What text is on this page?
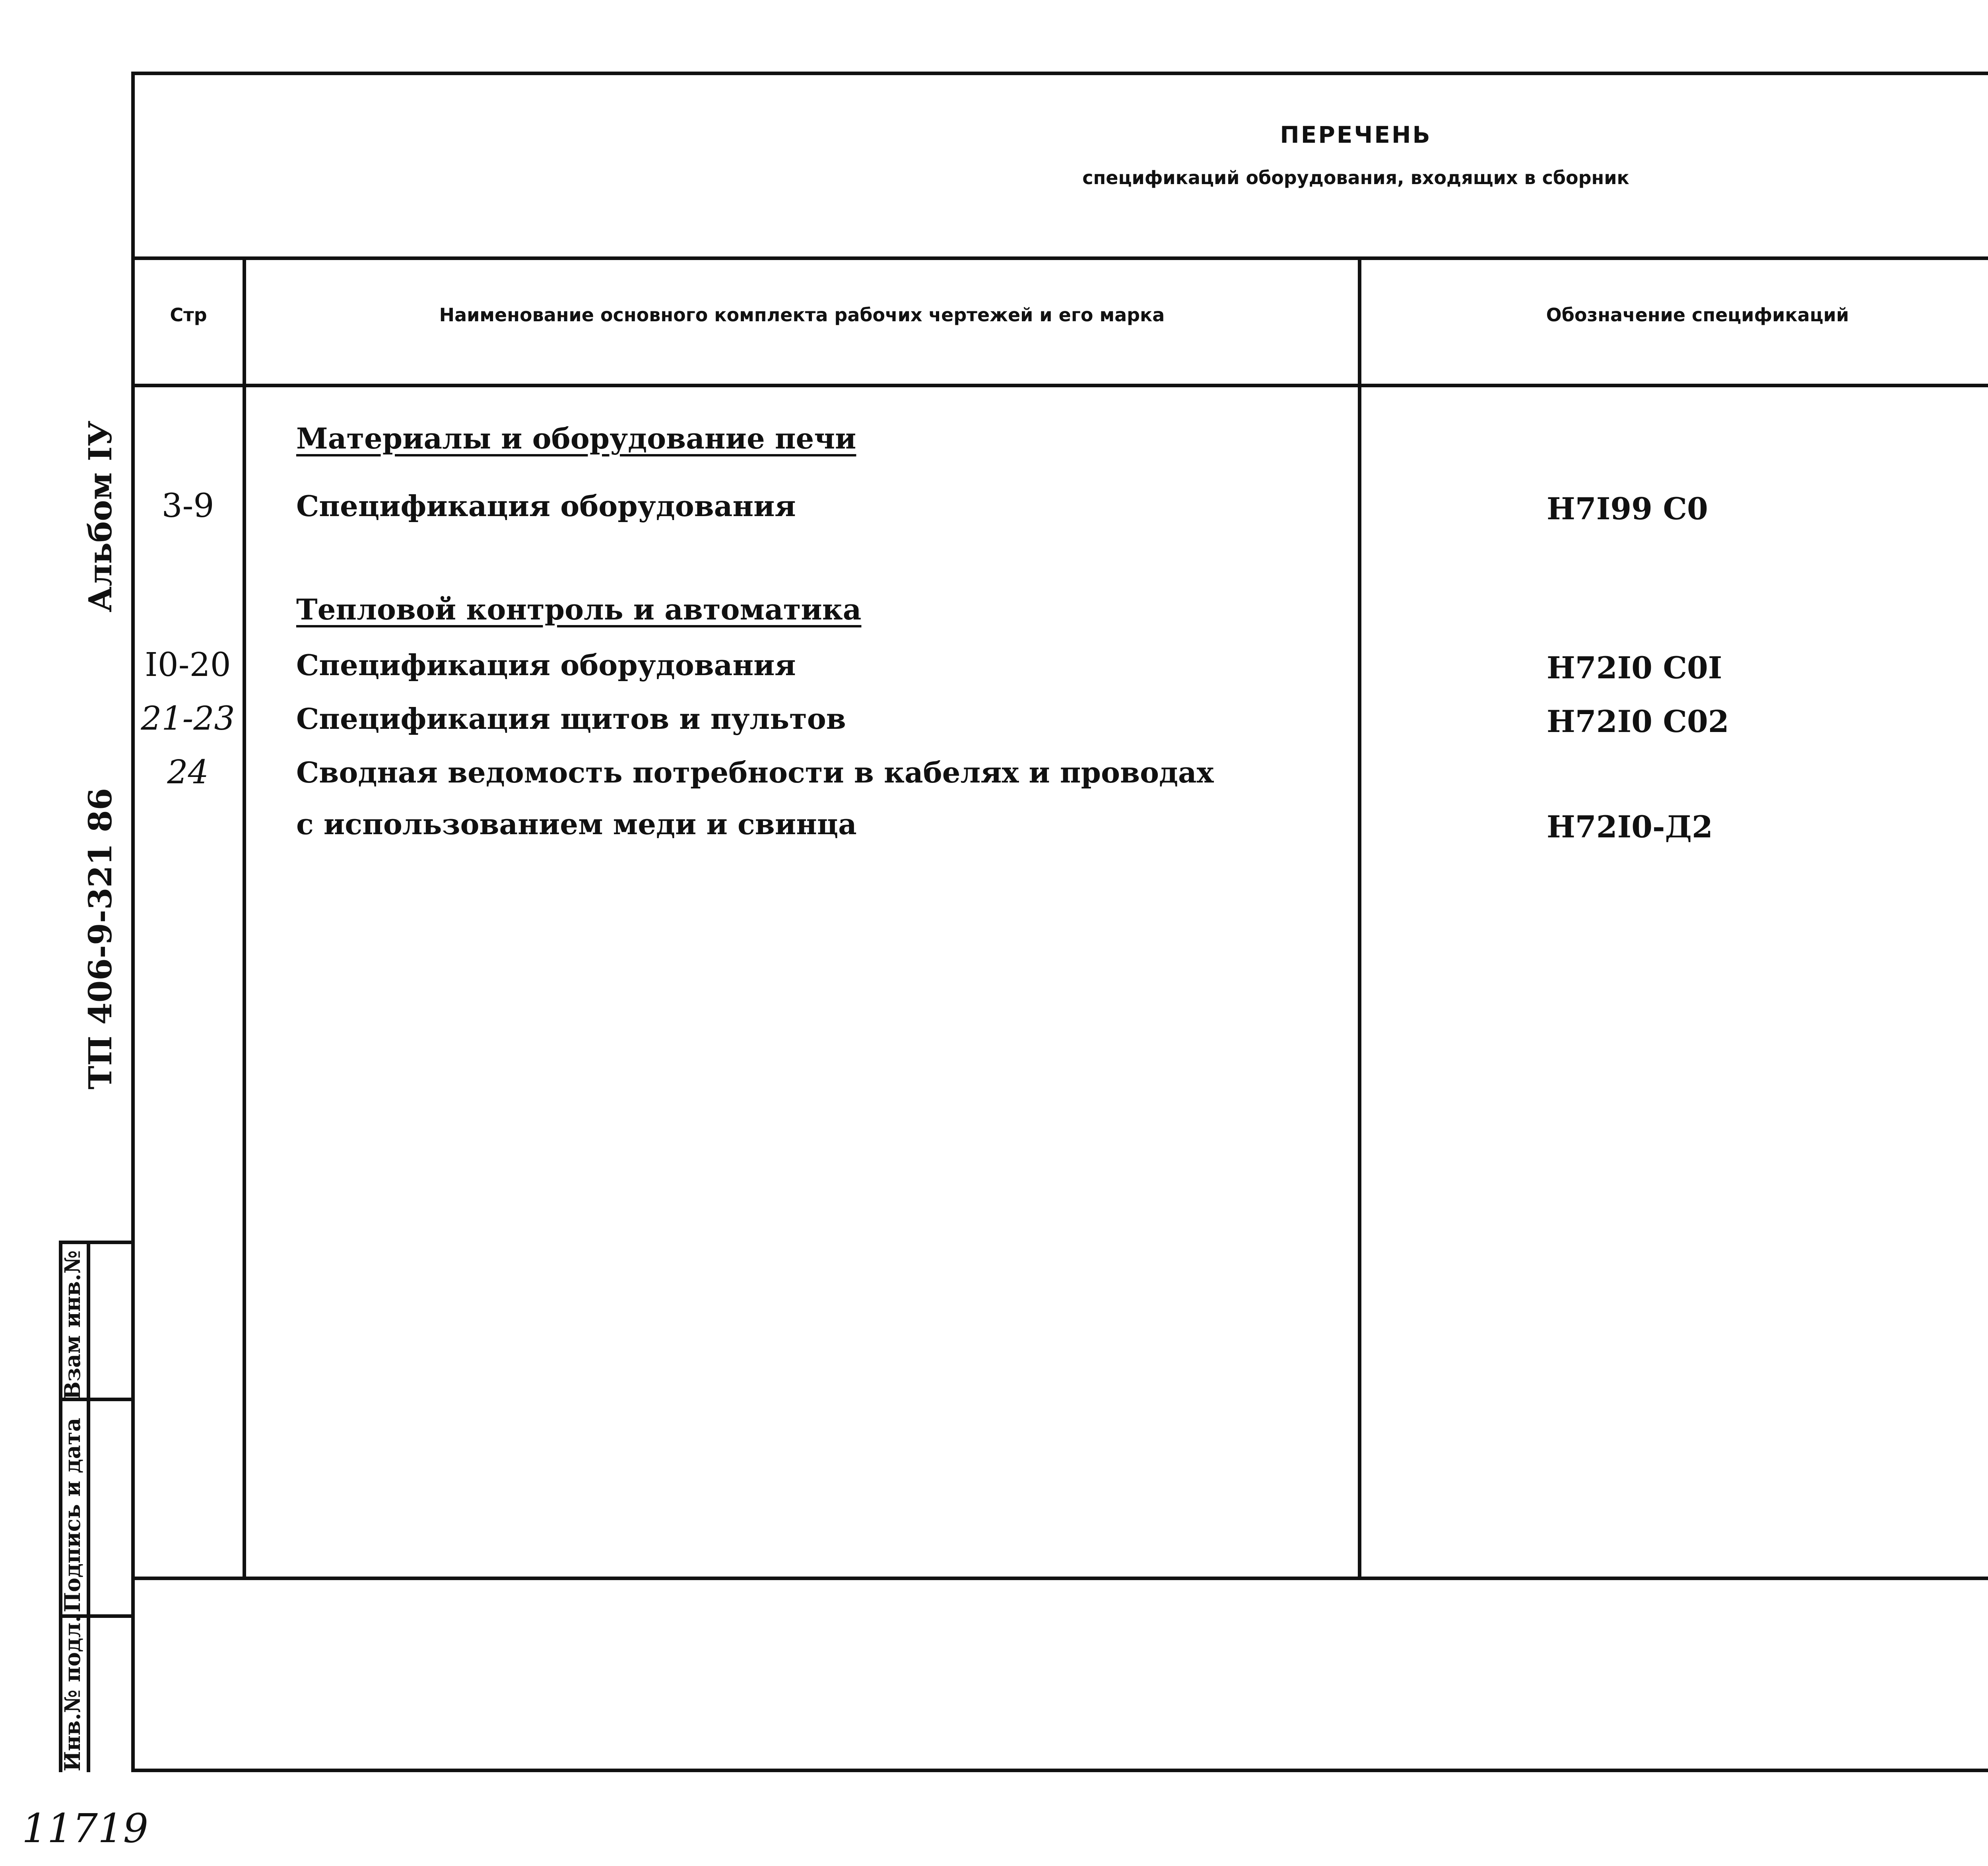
ПЕРЕЧЕНЬ
спецификаций оборудования, входящих в сборник
Стр	Наименование основного комплекта рабочих чертежей и его марка	Обозначение спецификаций
Материалы и оборудование печи
3-9	Спецификация оборудования	Н7I99 С0
Тепловой контроль и автоматика
I0-20	Спецификация оборудования	Н72I0 С0I
21-23 Спецификация щитов и пультов	Н72I0 С02
24	Сводная ведомость потребности в кабелях и проводах
с использованием меди и свинца	Н72I0-Д2
Альбом IУ
ТП 406-9-321 86
Взам инв.№
Подпись и дата
Инв.№ подл.
11719
